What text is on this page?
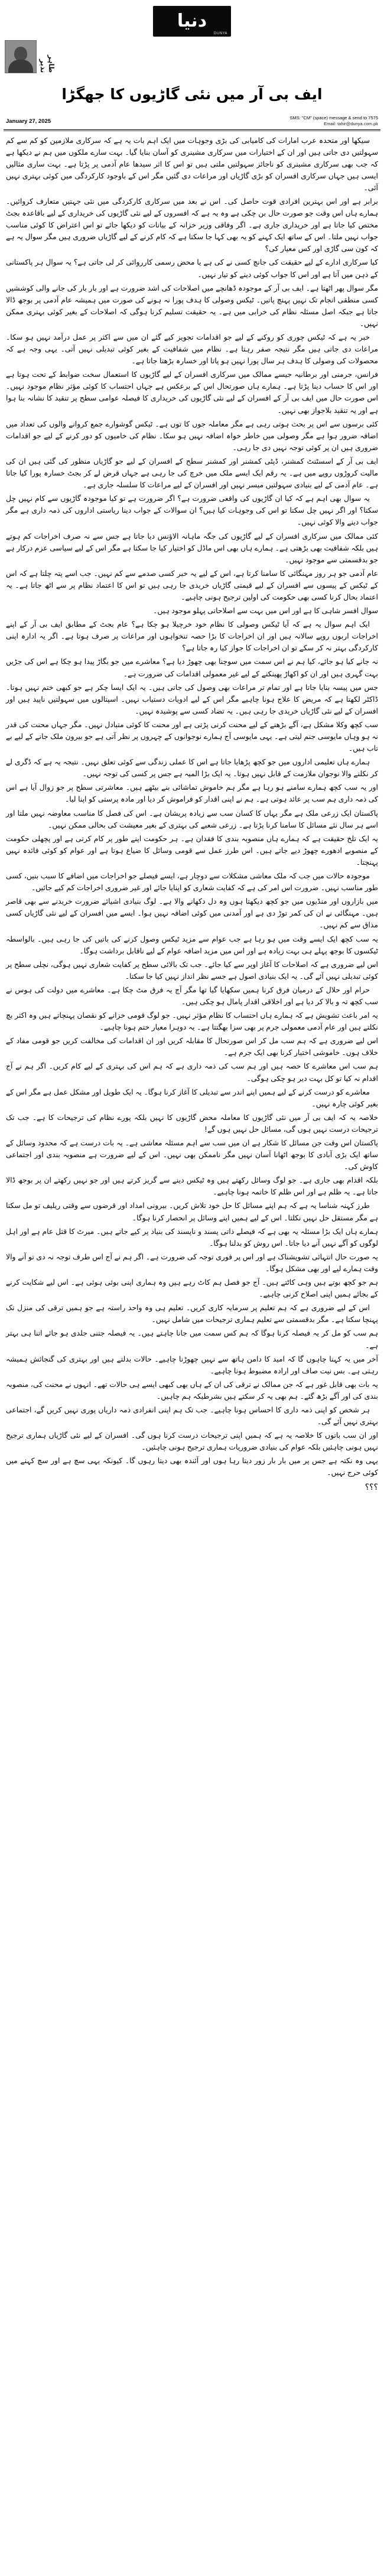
دنیا
DUNYA
طاہر نذیر
ایف بی آر میں نئی گاڑیوں کا جھگڑا
January 27, 2025
SMS: "CM" (space) message & send to 7575
Email: tahir@dunya.com.pk

سیکھا اور متحدہ عرب امارات کی کامیابی کی بڑی وجوہات میں ایک اہم بات یہ ہے کہ سرکاری ملازمین کو کم سے کم سہولتیں دی جاتی ہیں اور ان کے اختیارات میں سرکاری مشینری کو آسان بنایا گیا۔ بہت سارے ملکوں میں ہم نے دیکھا ہے کہ جب بھی سرکاری مشینری کو ناجائز سہولتیں ملتی ہیں تو اس کا اثر سیدھا عام آدمی پر پڑتا ہے۔ بہت ساری مثالیں ایسی ہیں جہاں سرکاری افسران کو بڑی گاڑیاں اور مراعات دی گئیں مگر اس کے باوجود کارکردگی میں کوئی بہتری نہیں آئی۔

برابر ہے اور اس بہترین افرادی قوت حاصل کی۔ اس نے بعد میں سرکاری کارکردگی میں نئی جہتیں متعارف کروائیں۔ ہمارے ہاں اس وقت جو صورت حال بن چکی ہے وہ یہ ہے کہ افسروں کے لیے نئی گاڑیوں کی خریداری کے لیے باقاعدہ بجٹ مختص کیا جاتا ہے اور خریداری جاری ہے۔ اگر وفاقی وزیر خزانہ کے بیانات کو دیکھا جائے تو اس اعتراض کا کوئی مناسب جواب نہیں ملتا۔ اس کے ساتھ ایک کہنے کو یہ بھی کہا جا سکتا ہے کہ کام کرنے کے لیے گاڑیاں ضروری ہیں مگر سوال یہ ہے کہ کون سی گاڑی اور کس معیار کی؟

کیا سرکاری ادارے کے لیے حقیقت کی جانچ کسی نے کی ہے یا محض رسمی کارروائی کر لی جاتی ہے؟ یہ سوال ہر پاکستانی کے ذہن میں آتا ہے اور اس کا جواب کوئی دینے کو تیار نہیں۔

مگر سوال پھر اٹھتا ہے۔ ایف بی آر کے موجودہ ڈھانچے میں اصلاحات کی اشد ضرورت ہے اور بار بار کی جانے والی کوششیں کسی منطقی انجام تک نہیں پہنچ پاتیں۔ ٹیکس وصولی کا ہدف پورا نہ ہونے کی صورت میں ہمیشہ عام آدمی پر بوجھ ڈالا جاتا ہے جبکہ اصل مسئلہ نظام کی خرابی میں ہے۔ یہ حقیقت تسلیم کرنا ہوگی کہ اصلاحات کے بغیر کوئی بہتری ممکن نہیں۔

خبر یہ ہے کہ ٹیکس چوری کو روکنے کے لیے جو اقدامات تجویز کیے گئے ان میں سے اکثر پر عمل درآمد نہیں ہو سکا۔ مراعات دی جاتی ہیں مگر نتیجہ صفر رہتا ہے۔ نظام میں شفافیت کے بغیر کوئی تبدیلی نہیں آتی۔ یہی وجہ ہے کہ محصولات کی وصولی کا ہدف ہر سال پورا نہیں ہو پاتا اور خسارہ بڑھتا جاتا ہے۔

فرانس، جرمنی اور برطانیہ جیسے ممالک میں سرکاری افسران کے لیے گاڑیوں کا استعمال سخت ضوابط کے تحت ہوتا ہے اور اس کا حساب دینا پڑتا ہے۔ ہمارے ہاں صورتحال اس کے برعکس ہے جہاں احتساب کا کوئی مؤثر نظام موجود نہیں۔ اس صورت حال میں ایف بی آر کے افسران کے لیے نئی گاڑیوں کی خریداری کا فیصلہ عوامی سطح پر تنقید کا نشانہ بنا ہوا ہے اور یہ تنقید بلاجواز بھی نہیں۔

کئی برسوں سے اس پر بحث ہوتی رہی ہے مگر معاملہ جوں کا توں ہے۔ ٹیکس گوشوارے جمع کروانے والوں کی تعداد میں اضافہ ضرور ہوا ہے مگر وصولی میں خاطر خواہ اضافہ نہیں ہو سکا۔ نظام کی خامیوں کو دور کرنے کے لیے جو اقدامات ضروری ہیں ان پر کوئی توجہ نہیں دی جا رہی۔

ایف بی آر کے اسسٹنٹ کمشنر، ڈپٹی کمشنر اور کمشنر سطح کے افسران کے لیے جو گاڑیاں منظور کی گئی ہیں ان کی مالیت کروڑوں روپے میں ہے۔ یہ رقم ایک ایسے ملک میں خرچ کی جا رہی ہے جہاں قرض لے کر بجٹ خسارہ پورا کیا جاتا ہے۔ عام آدمی کے لیے بنیادی سہولتیں میسر نہیں اور افسران کے لیے مراعات کا سلسلہ جاری ہے۔

یہ سوال بھی اہم ہے کہ کیا ان گاڑیوں کی واقعی ضرورت ہے؟ اگر ضرورت ہے تو کیا موجودہ گاڑیوں سے کام نہیں چل سکتا؟ اور اگر نہیں چل سکتا تو اس کی وجوہات کیا ہیں؟ ان سوالات کے جواب دینا ریاستی اداروں کی ذمہ داری ہے مگر جواب دینے والا کوئی نہیں۔

کئی ممالک میں سرکاری افسران کے لیے گاڑیوں کی جگہ ماہانہ الاؤنس دیا جاتا ہے جس سے نہ صرف اخراجات کم ہوتے ہیں بلکہ شفافیت بھی بڑھتی ہے۔ ہمارے ہاں بھی اس ماڈل کو اختیار کیا جا سکتا ہے مگر اس کے لیے سیاسی عزم درکار ہے جو بدقسمتی سے موجود نہیں۔

عام آدمی جو ہر روز مہنگائی کا سامنا کرتا ہے، اس کے لیے یہ خبر کسی صدمے سے کم نہیں۔ جب اسے پتہ چلتا ہے کہ اس کے ٹیکس کے پیسوں سے افسران کے لیے قیمتی گاڑیاں خریدی جا رہی ہیں تو اس کا اعتماد نظام پر سے اٹھ جاتا ہے۔ یہ اعتماد بحال کرنا کسی بھی حکومت کی اولین ترجیح ہونی چاہیے۔

سوال افسر شاہی کا ہے اور اس میں بہت سے اصلاحاتی پہلو موجود ہیں۔

ایک اہم سوال یہ ہے کہ آیا ٹیکس وصولی کا نظام خود خرچیلا ہو چکا ہے؟ عام بجٹ کے مطابق ایف بی آر کے اپنے اخراجات اربوں روپے سالانہ ہیں اور ان اخراجات کا بڑا حصہ تنخواہوں اور مراعات پر صرف ہوتا ہے۔ اگر یہ ادارہ اپنی کارکردگی بہتر نہ کر سکے تو ان اخراجات کا جواز کیا رہ جاتا ہے؟

نہ جانے کیا ہو جائے، کیا ہم نے اس سمت میں سوچنا بھی چھوڑ دیا ہے؟ معاشرے میں جو بگاڑ پیدا ہو چکا ہے اس کی جڑیں بہت گہری ہیں اور ان کو اکھاڑ پھینکنے کے لیے غیر معمولی اقدامات کی ضرورت ہے۔

جس میں پیسہ بنایا جاتا ہے اور تمام تر مراعات بھی وصول کی جاتی ہیں۔ یہ ایک ایسا چکر ہے جو کبھی ختم نہیں ہوتا۔ ڈاکٹر لکھتا ہے کہ مریض کا علاج ہونا چاہیے مگر اس کے لیے ادویات دستیاب نہیں۔ اسپتالوں میں سہولتیں ناپید ہیں اور افسران کے لیے نئی گاڑیاں خریدی جا رہی ہیں۔ یہ تضاد کسی سے پوشیدہ نہیں۔

سب کچھ وکلا مشکل ہے، آگے بڑھنے کے لیے محنت کرنی پڑتی ہے اور محنت کا کوئی متبادل نہیں۔ مگر جہاں محنت کی قدر نہ ہو وہاں مایوسی جنم لیتی ہے۔ یہی مایوسی آج ہمارے نوجوانوں کے چہروں پر نظر آتی ہے جو بیرون ملک جانے کے لیے بے تاب ہیں۔

ہمارے ہاں تعلیمی اداروں میں جو کچھ پڑھایا جاتا ہے اس کا عملی زندگی سے کوئی تعلق نہیں۔ نتیجہ یہ ہے کہ ڈگری لے کر نکلنے والا نوجوان ملازمت کے قابل نہیں ہوتا۔ یہ ایک بڑا المیہ ہے جس پر کسی کی توجہ نہیں۔

اور یہ سب کچھ ہمارے سامنے ہو رہا ہے مگر ہم خاموش تماشائی بنے بیٹھے ہیں۔ معاشرتی سطح پر جو زوال آیا ہے اس کی ذمہ داری ہم سب پر عائد ہوتی ہے۔ ہم نے اپنی اقدار کو فراموش کر دیا اور مادہ پرستی کو اپنا لیا۔

پاکستان ایک زرعی ملک ہے مگر یہاں کا کسان سب سے زیادہ پریشان ہے۔ اس کی فصل کا مناسب معاوضہ نہیں ملتا اور اسے ہر سال نئے مسائل کا سامنا کرنا پڑتا ہے۔ زرعی شعبے کی بہتری کے بغیر معیشت کی بحالی ممکن نہیں۔

یہ ایک تلخ حقیقت ہے کہ ہمارے ہاں منصوبہ بندی کا فقدان ہے۔ ہر حکومت اپنے طور پر کام کرتی ہے اور پچھلی حکومت کے منصوبے ادھورے چھوڑ دیے جاتے ہیں۔ اس طرز عمل سے قومی وسائل کا ضیاع ہوتا ہے اور عوام کو کوئی فائدہ نہیں پہنچتا۔

موجودہ حالات میں جب کہ ملک معاشی مشکلات سے دوچار ہے، ایسے فیصلے جو اخراجات میں اضافے کا سبب بنیں، کسی طور مناسب نہیں۔ ضرورت اس امر کی ہے کہ کفایت شعاری کو اپنایا جائے اور غیر ضروری اخراجات کم کیے جائیں۔

میں بازاروں اور منڈیوں میں جو کچھ دیکھتا ہوں وہ دل دکھانے والا ہے۔ لوگ بنیادی اشیائے ضرورت خریدنے سے بھی قاصر ہیں۔ مہنگائی نے ان کی کمر توڑ دی ہے اور آمدنی میں کوئی اضافہ نہیں ہوا۔ ایسے میں افسران کے لیے نئی گاڑیاں کسی مذاق سے کم نہیں۔

یہ سب کچھ ایک ایسے وقت میں ہو رہا ہے جب عوام سے مزید ٹیکس وصول کرنے کی باتیں کی جا رہی ہیں۔ بالواسطہ ٹیکسوں کا بوجھ پہلے ہی بہت زیادہ ہے اور اس میں مزید اضافہ عوام کے لیے ناقابل برداشت ہوگا۔

اس لیے ضروری ہے کہ اصلاحات کا آغاز اوپر سے کیا جائے۔ جب تک بالائی سطح پر کفایت شعاری نہیں ہوگی، نچلی سطح پر کوئی تبدیلی نہیں آئے گی۔ یہ ایک بنیادی اصول ہے جسے نظر انداز نہیں کیا جا سکتا۔

حرام اور حلال کے درمیان فرق کرنا ہمیں سکھایا گیا تھا مگر آج یہ فرق مٹ چکا ہے۔ معاشرے میں دولت کی ہوس نے سب کچھ تہ و بالا کر دیا ہے اور اخلاقی اقدار پامال ہو چکی ہیں۔

یہ امر باعث تشویش ہے کہ ہمارے ہاں احتساب کا نظام مؤثر نہیں۔ جو لوگ قومی خزانے کو نقصان پہنچاتے ہیں وہ اکثر بچ نکلتے ہیں اور عام آدمی معمولی جرم پر بھی سزا بھگتتا ہے۔ یہ دوہرا معیار ختم ہونا چاہیے۔

اس لیے ضروری ہے کہ ہم سب مل کر اس صورتحال کا مقابلہ کریں اور ان اقدامات کی مخالفت کریں جو قومی مفاد کے خلاف ہوں۔ خاموشی اختیار کرنا بھی ایک جرم ہے۔

ہم سب اس معاشرے کا حصہ ہیں اور ہم سب کی ذمہ داری ہے کہ ہم اس کی بہتری کے لیے کام کریں۔ اگر ہم نے آج اقدام نہ کیا تو کل بہت دیر ہو چکی ہوگی۔

معاشرے کو درست کرنے کے لیے ہمیں اپنے اندر سے تبدیلی کا آغاز کرنا ہوگا۔ یہ ایک طویل اور مشکل عمل ہے مگر اس کے بغیر کوئی چارہ نہیں۔

خلاصہ یہ کہ ایف بی آر میں نئی گاڑیوں کا معاملہ محض گاڑیوں کا نہیں بلکہ پورے نظام کی ترجیحات کا ہے۔ جب تک ترجیحات درست نہیں ہوں گی، مسائل حل نہیں ہوں گے!

پاکستان اس وقت جن مسائل کا شکار ہے ان میں سب سے اہم مسئلہ معاشی ہے۔ یہ بات درست ہے کہ محدود وسائل کے ساتھ ایک بڑی آبادی کا بوجھ اٹھانا آسان نہیں مگر ناممکن بھی نہیں۔ اس کے لیے ضرورت ہے منصوبہ بندی اور اجتماعی کاوش کی۔

بلکہ اقدام بھی جاری ہے۔ جو لوگ وسائل رکھتے ہیں وہ ٹیکس دینے سے گریز کرتے ہیں اور جو نہیں رکھتے ان پر بوجھ ڈالا جاتا ہے۔ یہ ظلم ہے اور اس ظلم کا خاتمہ ہونا چاہیے۔

طرز کہنہ شناسا یہ ہے کہ ہم اپنے مسائل کا حل خود تلاش کریں۔ بیرونی امداد اور قرضوں سے وقتی ریلیف تو مل سکتا ہے مگر مستقل حل نہیں نکلتا۔ اس کے لیے ہمیں اپنے وسائل پر انحصار کرنا ہوگا۔

ہمارے ہاں ایک بڑا مسئلہ یہ بھی ہے کہ فیصلے ذاتی پسند و ناپسند کی بنیاد پر کیے جاتے ہیں۔ میرٹ کا قتل عام ہے اور اہل لوگوں کو آگے نہیں آنے دیا جاتا۔ اس روش کو بدلنا ہوگا۔

یہ صورت حال انتہائی تشویشناک ہے اور اس پر فوری توجہ کی ضرورت ہے۔ اگر ہم نے آج اس طرف توجہ نہ دی تو آنے والا وقت ہمارے لیے اور بھی مشکل ہوگا۔

ہم جو کچھ بوتے ہیں وہی کاٹتے ہیں۔ آج جو فصل ہم کاٹ رہے ہیں وہ ہماری اپنی بوئی ہوئی ہے۔ اس لیے شکایت کرنے کے بجائے ہمیں اپنی اصلاح کرنی چاہیے۔

اس کے لیے ضروری ہے کہ ہم تعلیم پر سرمایہ کاری کریں۔ تعلیم ہی وہ واحد راستہ ہے جو ہمیں ترقی کی منزل تک پہنچا سکتا ہے۔ مگر بدقسمتی سے تعلیم ہماری ترجیحات میں شامل نہیں۔

ہم سب کو مل کر یہ فیصلہ کرنا ہوگا کہ ہم کس سمت میں جانا چاہتے ہیں۔ یہ فیصلہ جتنی جلدی ہو جائے اتنا ہی بہتر ہے۔

آخر میں یہ کہنا چاہوں گا کہ امید کا دامن ہاتھ سے نہیں چھوڑنا چاہیے۔ حالات بدلتے ہیں اور بہتری کی گنجائش ہمیشہ رہتی ہے۔ بس نیت صاف اور ارادہ مضبوط ہونا چاہیے۔

یہ بات بھی قابل غور ہے کہ جن ممالک نے ترقی کی ان کے ہاں بھی کبھی ایسے ہی حالات تھے۔ انہوں نے محنت کی، منصوبہ بندی کی اور آگے بڑھ گئے۔ ہم بھی یہ کر سکتے ہیں بشرطیکہ ہم چاہیں۔

ہر شخص کو اپنی ذمہ داری کا احساس ہونا چاہیے۔ جب تک ہم اپنی انفرادی ذمہ داریاں پوری نہیں کریں گے، اجتماعی بہتری نہیں آئے گی۔

اور ان سب باتوں کا خلاصہ یہ ہے کہ ہمیں اپنی ترجیحات درست کرنا ہوں گی۔ افسران کے لیے نئی گاڑیاں ہماری ترجیح نہیں ہونی چاہئیں بلکہ عوام کی بنیادی ضروریات ہماری ترجیح ہونی چاہئیں۔

یہی وہ نکتہ ہے جس پر میں بار بار زور دیتا رہا ہوں اور آئندہ بھی دیتا رہوں گا۔ کیونکہ یہی سچ ہے اور سچ کہنے میں کوئی حرج نہیں۔

؟؟؟
